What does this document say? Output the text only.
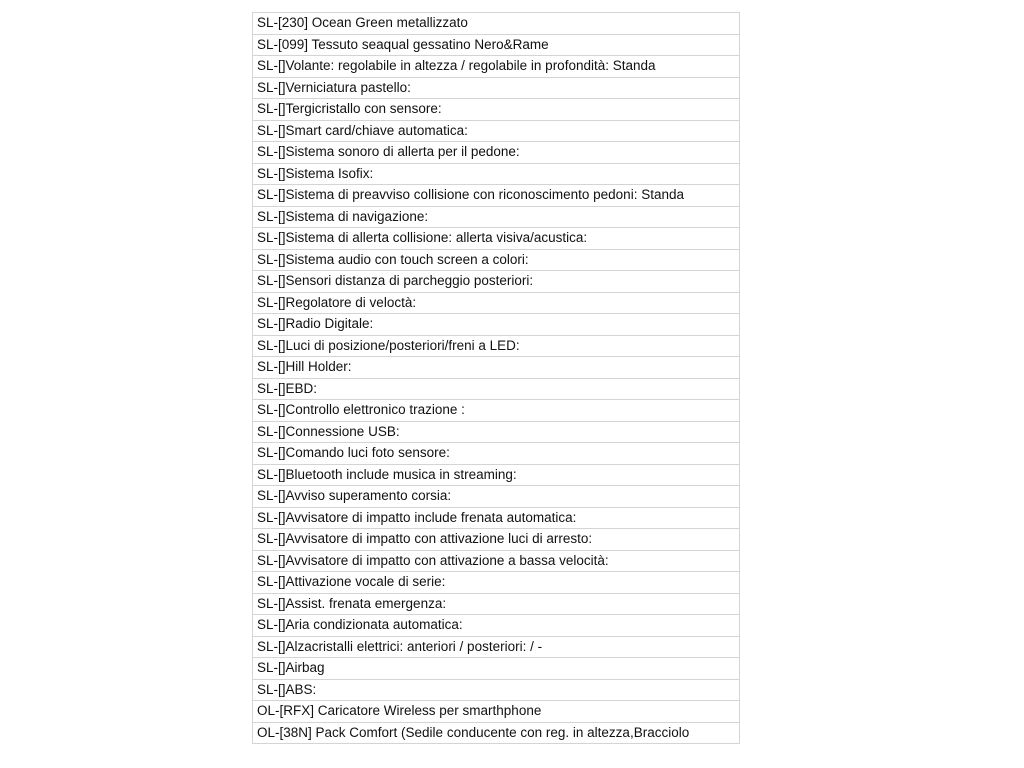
SL-[230] Ocean Green metallizzato
SL-[099] Tessuto seaqual gessatino Nero&Rame
SL-[]Volante: regolabile in altezza / regolabile in profondità: Standa
SL-[]Verniciatura pastello:
SL-[]Tergicristallo con sensore:
SL-[]Smart card/chiave automatica:
SL-[]Sistema sonoro di allerta per il pedone:
SL-[]Sistema Isofix:
SL-[]Sistema di preavviso collisione con riconoscimento pedoni: Standa
SL-[]Sistema di navigazione:
SL-[]Sistema di allerta collisione: allerta visiva/acustica:
SL-[]Sistema audio con touch screen a colori:
SL-[]Sensori distanza di parcheggio posteriori:
SL-[]Regolatore di veloctà:
SL-[]Radio Digitale:
SL-[]Luci di posizione/posteriori/freni a LED:
SL-[]Hill Holder:
SL-[]EBD:
SL-[]Controllo elettronico trazione :
SL-[]Connessione USB:
SL-[]Comando luci foto sensore:
SL-[]Bluetooth include musica in streaming:
SL-[]Avviso superamento corsia:
SL-[]Avvisatore di impatto include frenata automatica:
SL-[]Avvisatore di impatto con attivazione luci di arresto:
SL-[]Avvisatore di impatto con attivazione a bassa velocità:
SL-[]Attivazione vocale di serie:
SL-[]Assist. frenata emergenza:
SL-[]Aria condizionata automatica:
SL-[]Alzacristalli elettrici: anteriori / posteriori: / -
SL-[]Airbag
SL-[]ABS:
OL-[RFX] Caricatore Wireless per smarthphone
OL-[38N] Pack Comfort (Sedile conducente con reg. in altezza,Bracciolo
